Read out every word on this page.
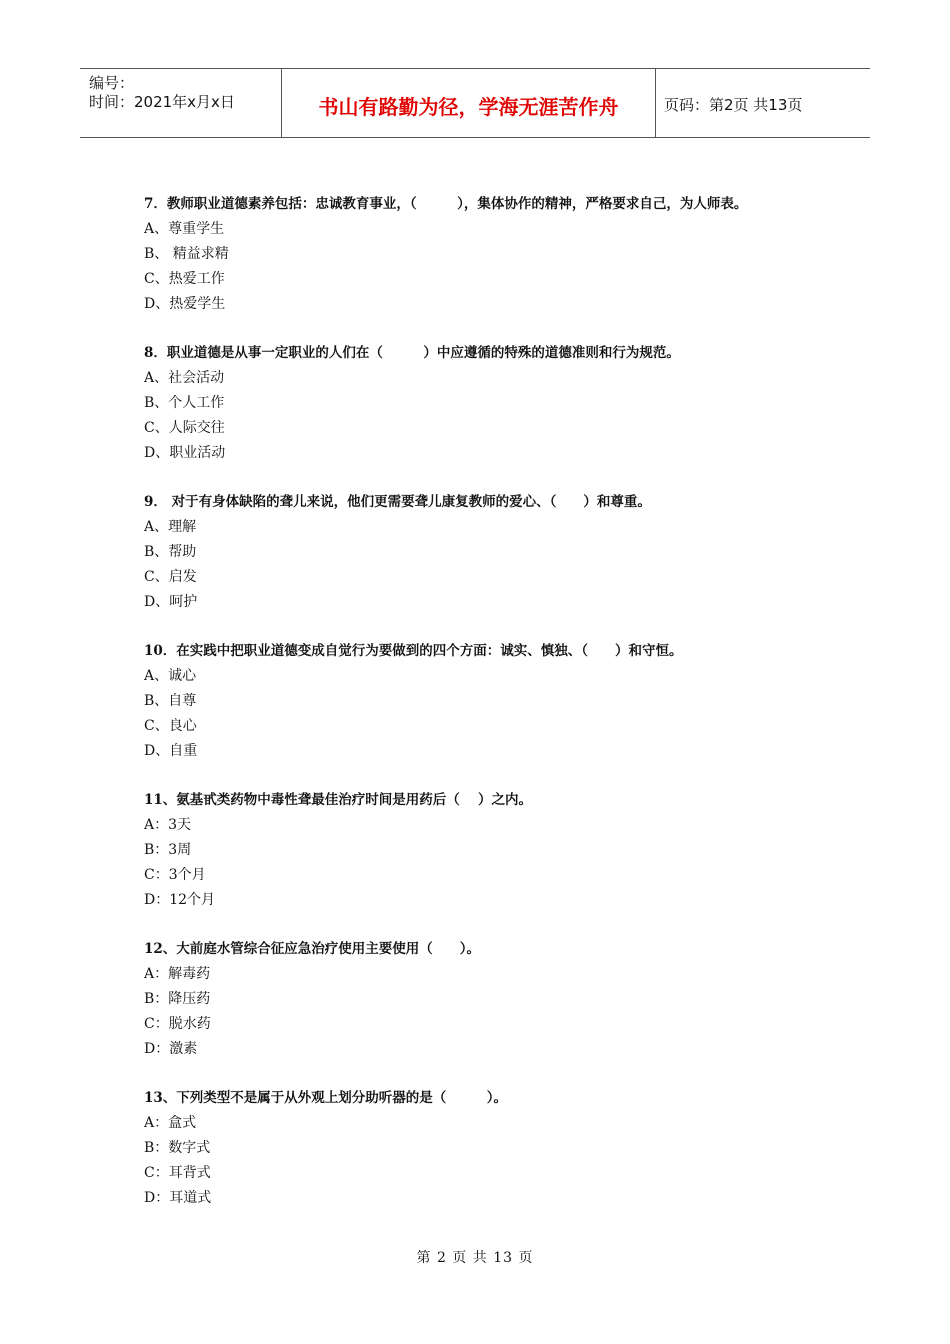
编号：
时间：2021年x月x日	书山有路勤为径，学海无涯苦作舟	页码：第2页 共13页
7．教师职业道德素养包括：忠诚教育事业，（　　　），集体协作的精神，严格要求自己，为人师表。
A、尊重学生
B、 精益求精
C、热爱工作
D、热爱学生
8．职业道德是从事一定职业的人们在（　　　）中应遵循的特殊的道德准则和行为规范。
A、社会活动
B、个人工作
C、人际交往
D、职业活动
9． 对于有身体缺陷的聋儿来说，他们更需要聋儿康复教师的爱心、（　　）和尊重。
A、理解
B、帮助
C、启发
D、呵护
10．在实践中把职业道德变成自觉行为要做到的四个方面：诚实、慎独、（　　）和守恒。
A、诚心
B、自尊
C、良心
D、自重
11、氨基甙类药物中毒性聋最佳治疗时间是用药后（　 ）之内。
A：3天
B：3周
C：3个月
D：12个月
12、大前庭水管综合征应急治疗使用主要使用（　　）。
A：解毒药
B：降压药
C：脱水药
D：激素
13、下列类型不是属于从外观上划分助听器的是（　　　）。
A：盒式
B：数字式
C：耳背式
D：耳道式
第 2 页 共 13 页
